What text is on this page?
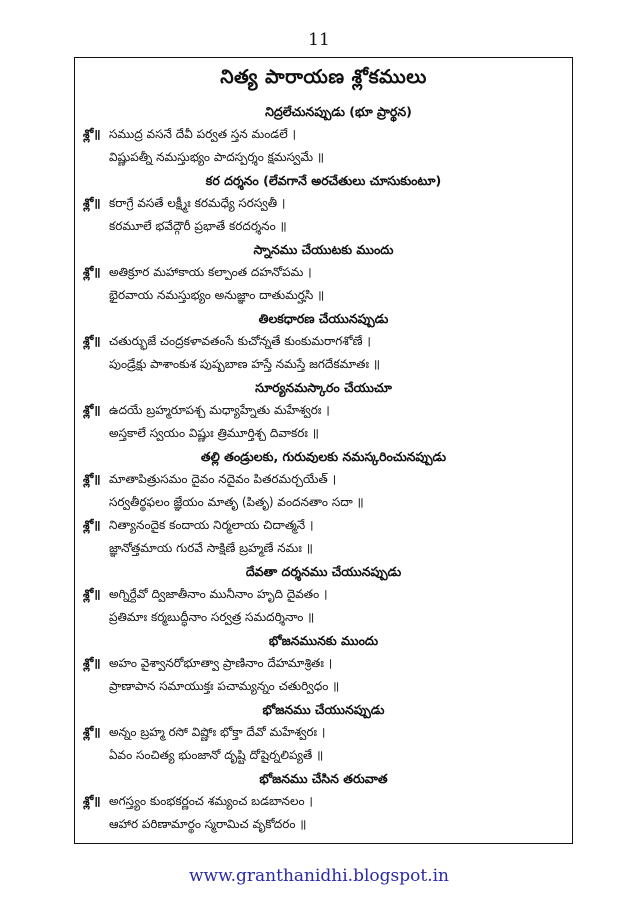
11
నిత్య పారాయణ శ్లోకములు
నిద్రలేచునప్పుడు (భూ ప్రార్థన)
శ్లో॥ సముద్ర వసనే దేవీ పర్వత స్తన మండలే ।
విష్ణుపత్నీ నమస్తుభ్యం పాదస్పర్శం క్షమస్వమే ॥
కర దర్శనం (లేవగానే అరచేతులు చూసుకుంటూ)
శ్లో॥ కరాగ్రే వసతే లక్ష్మీః కరమధ్యే సరస్వతీ ।
కరమూలే భవేద్గౌరీ ప్రభాతే కరదర్శనం ॥
స్నానము చేయుటకు ముందు
శ్లో॥ అతిక్రూర మహాకాయ కల్పాంత దహనోపమ ।
భైరవాయ నమస్తుభ్యం అనుజ్ఞాం దాతుమర్హసి ॥
తిలకధారణ చేయునప్పుడు
శ్లో॥ చతుర్భుజే చంద్రకళావతంసే కుచోన్నతే కుంకుమరాగశోణే ।
పుండ్రేక్షు పాశాంకుశ పుష్పబాణ హస్తే నమస్తే జగదేకమాతః ॥
సూర్యనమస్కారం చేయుచూ
శ్లో॥ ఉదయే బ్రహ్మరూపశ్చ మధ్యాహ్నేతు మహేశ్వరః ।
అస్తకాలే స్వయం విష్ణుః త్రిమూర్తిశ్చ దివాకరః ॥
తల్లి తండ్రులకు, గురువులకు నమస్కరించునప్పుడు
శ్లో॥ మాతాపిత్రుసమం దైవం నదైవం పితరమర్చయేత్ ।
సర్వతీర్థఫలం జ్ఞేయం మాతృ (పితృ) వందనతాం సదా ॥
శ్లో॥ నిత్యానందైక కందాయ నిర్మలాయ చిదాత్మనే ।
జ్ఞానోత్తమాయ గురవే సాక్షిణే బ్రహ్మణే నమః ॥
దేవతా దర్శనము చేయునప్పుడు
శ్లో॥ అగ్నిర్దేవో ద్విజాతీనాం మునీనాం హృది దైవతం ।
ప్రతిమాః కర్మబుద్ధీనాం సర్వత్ర సమదర్శినాం ॥
భోజనమునకు ముందు
శ్లో॥ అహం వైశ్వానరోభూత్వా ప్రాణినాం దేహమాశ్రితః ।
ప్రాణాపాన సమాయుక్తః పచామ్యన్నం చతుర్విధం ॥
భోజనము చేయునప్పుడు
శ్లో॥ అన్నం బ్రహ్మ రసో విష్ణోః భోక్తా దేవో మహేశ్వరః ।
ఏవం సంచిత్య భుంజానో దృష్టి దోషైర్నలిప్యతే ॥
భోజనము చేసిన తరువాత
శ్లో॥ అగస్త్యం కుంభకర్ణంచ శమ్యంచ బడబానలం ।
ఆహార పరిణామార్థం స్మరామిచ వృకోదరం ॥
www.granthanidhi.blogspot.in
